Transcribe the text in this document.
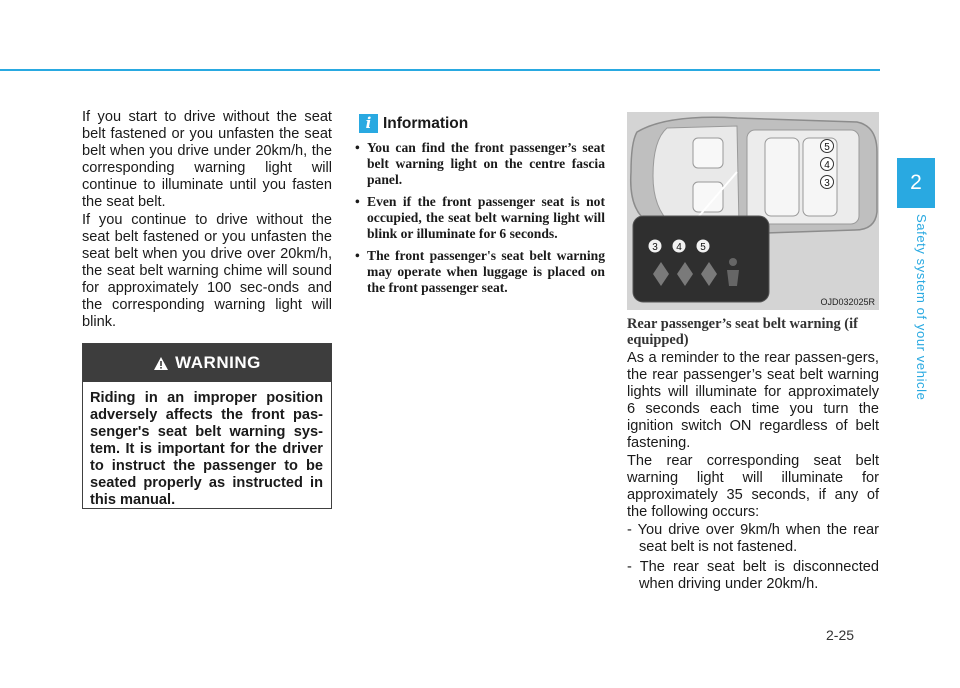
2
Safety system of your vehicle

If you start to drive without the seat belt fastened or you unfasten the seat belt when you drive under 20km/h, the corresponding warning light will continue to illuminate until you fasten the seat belt.

If you continue to drive without the seat belt fastened or you unfasten the seat belt when you drive over 20km/h, the seat belt warning chime will sound for approximately 100 sec-onds and the corresponding warning light will blink.

WARNING

Riding in an improper position adversely affects the front pas-senger's seat belt warning sys-tem. It is important for the driver to instruct the passenger to be seated properly as instructed in this manual.

i Information
• You can find the front passenger’s seat belt warning light on the centre fascia panel.
• Even if the front passenger seat is not occupied, the seat belt warning light will blink or illuminate for 6 seconds.
• The front passenger's seat belt warning may operate when luggage is placed on the front passenger seat.
5
4
3
3 4 5
OJD032025R

Rear passenger’s seat belt warning (if equipped)

As a reminder to the rear passen-gers, the rear passenger’s seat belt warning lights will illuminate for approximately 6 seconds each time you turn the ignition switch ON regardless of belt fastening.

The rear corresponding seat belt warning light will illuminate for approximately 35 seconds, if any of the following occurs:

- You drive over 9km/h when the rear seat belt is not fastened.

- The rear seat belt is disconnected when driving under 20km/h.

2-25
